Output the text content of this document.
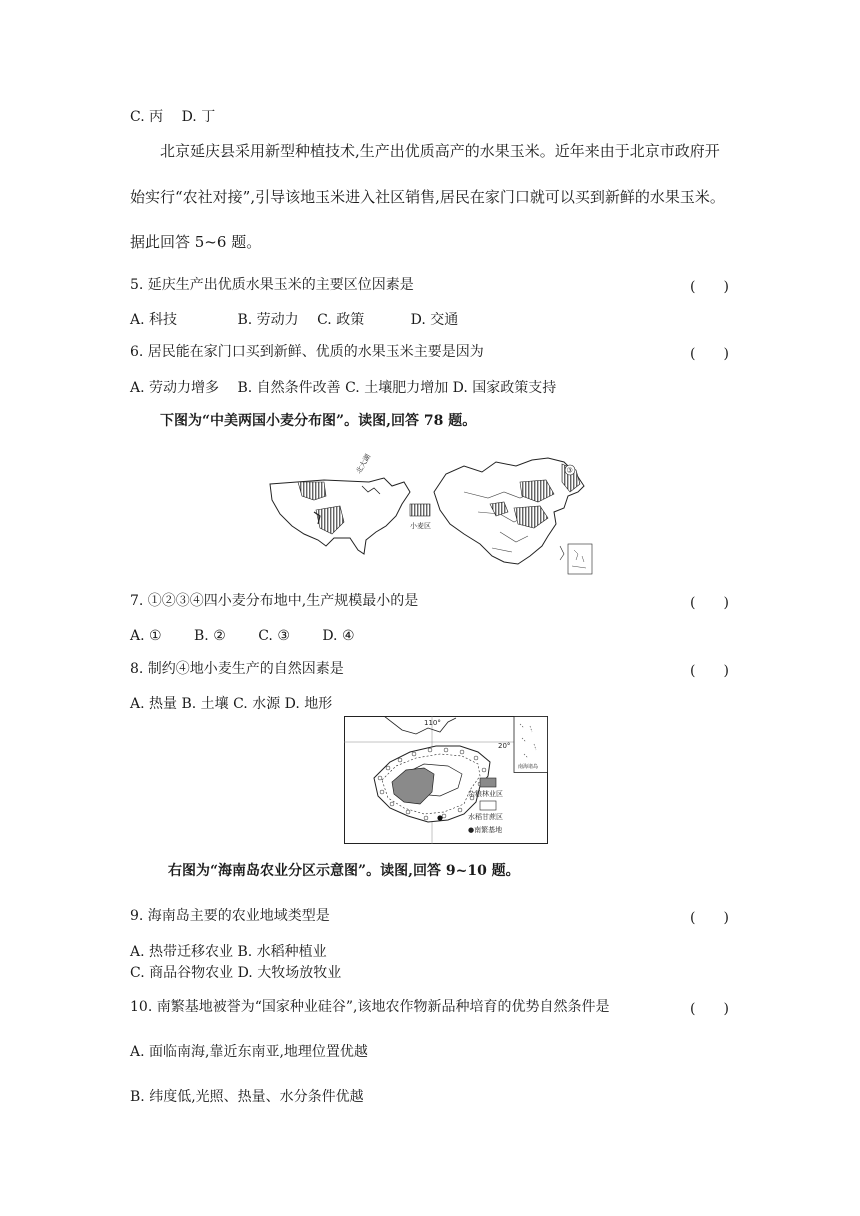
C. 丙　 D. 丁
北京延庆县采用新型种植技术,生产出优质高产的水果玉米。近年来由于北京市政府开
始实行“农社对接”,引导该地玉米进入社区销售,居民在家门口就可以买到新鲜的水果玉米。
据此回答 5~6 题。
5. 延庆生产出优质水果玉米的主要区位因素是	(　　)
A. 科技　　　　 B. 劳动力　 C. 政策　　　 D. 交通
6. 居民能在家门口买到新鲜、优质的水果玉米主要是因为	(　　)
A. 劳动力增多　 B. 自然条件改善 C. 土壤肥力增加 D. 国家政策支持
下图为“中美两国小麦分布图”。读图,回答 78 题。
北大湖
小麦区
③
7. ①②③④四小麦分布地中,生产规模最小的是	(　　)
A. ①　　 B. ②　　 C. ③　　 D. ④
8. 制约④地小麦生产的自然因素是	(　　)
A. 热量 B. 土壤 C. 水源 D. 地形
110°
20°
杂粮林业区
水稻甘蔗区
●南繁基地
南海诸岛
右图为“海南岛农业分区示意图”。读图,回答 9~10 题。
9. 海南岛主要的农业地域类型是	(　　)
A. 热带迁移农业 B. 水稻种植业
C. 商品谷物农业 D. 大牧场放牧业
10. 南繁基地被誉为“国家种业硅谷”,该地农作物新品种培育的优势自然条件是	(　　)
A. 面临南海,靠近东南亚,地理位置优越
B. 纬度低,光照、热量、水分条件优越
